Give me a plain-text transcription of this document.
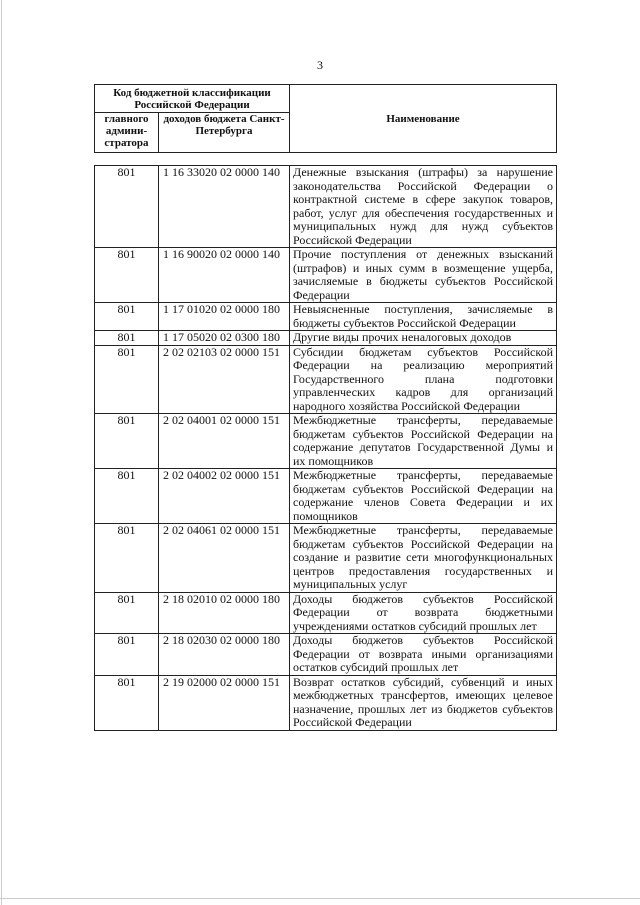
3
Код бюджетной классификации Российской Федерации		Наименование
главного админи-стратора	доходов бюджета Санкт-Петербурга	
801	1 16 33020 02 0000 140	Денежные взыскания (штрафы) за нарушение законодательства Российской Федерации о контрактной системе в сфере закупок товаров, работ, услуг для обеспечения государственных и муниципальных нужд для нужд субъектов Российской Федерации
801	1 16 90020 02 0000 140	Прочие поступления от денежных взысканий (штрафов) и иных сумм в возмещение ущерба, зачисляемые в бюджеты субъектов Российской Федерации
801	1 17 01020 02 0000 180	Невыясненные поступления, зачисляемые в бюджеты субъектов Российской Федерации
801	1 17 05020 02 0300 180	Другие виды прочих неналоговых доходов
801	2 02 02103 02 0000 151	Субсидии бюджетам субъектов Российской Федерации на реализацию мероприятий Государственного плана подготовки управленческих кадров для организаций народного хозяйства Российской Федерации
801	2 02 04001 02 0000 151	Межбюджетные трансферты, передаваемые бюджетам субъектов Российской Федерации на содержание депутатов Государственной Думы и их помощников
801	2 02 04002 02 0000 151	Межбюджетные трансферты, передаваемые бюджетам субъектов Российской Федерации на содержание членов Совета Федерации и их помощников
801	2 02 04061 02 0000 151	Межбюджетные трансферты, передаваемые бюджетам субъектов Российской Федерации на создание и развитие сети многофункциональных центров предоставления государственных и муниципальных услуг
801	2 18 02010 02 0000 180	Доходы бюджетов субъектов Российской Федерации от возврата бюджетными учреждениями остатков субсидий прошлых лет
801	2 18 02030 02 0000 180	Доходы бюджетов субъектов Российской Федерации от возврата иными организациями остатков субсидий прошлых лет
801	2 19 02000 02 0000 151	Возврат остатков субсидий, субвенций и иных межбюджетных трансфертов, имеющих целевое назначение, прошлых лет из бюджетов субъектов Российской Федерации
